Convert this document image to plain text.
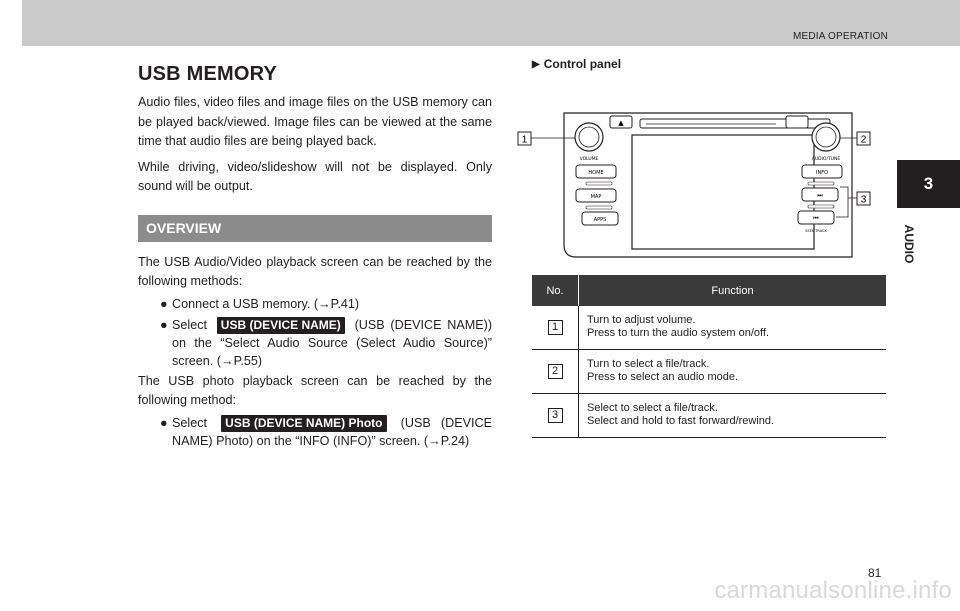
MEDIA OPERATION
3
AUDIO
USB MEMORY

Audio files, video files and image files on the USB memory can be played back/viewed. Image files can be viewed at the same time that audio files are being played back.

While driving, video/slideshow will not be displayed. Only sound will be output.

OVERVIEW

The USB Audio/Video playback screen can be reached by the following methods:

● Connect a USB memory. (→P.41)
● Select USB (DEVICE NAME) (USB (DEVICE NAME)) on the “Select Audio Source (Select Audio Source)” screen. (→P.55)

The USB photo playback screen can be reached by the following method:

● Select USB (DEVICE NAME) Photo (USB (DEVICE NAME) Photo) on the “INFO (INFO)” screen. (→P.24)
▶ Control panel
▲
VOLUME	AUDIO/TUNE
HOME
MAP
APPS
INFO
⏭
⏮
SEEK TRACK
1	2
3
No.	Function
1	Turn to adjust volume.
Press to turn the audio system on/off.

2	Turn to select a file/track.
Press to select an audio mode.

3	Select to select a file/track.
Select and hold to fast forward/rewind.
81
carmanualsonline.info
